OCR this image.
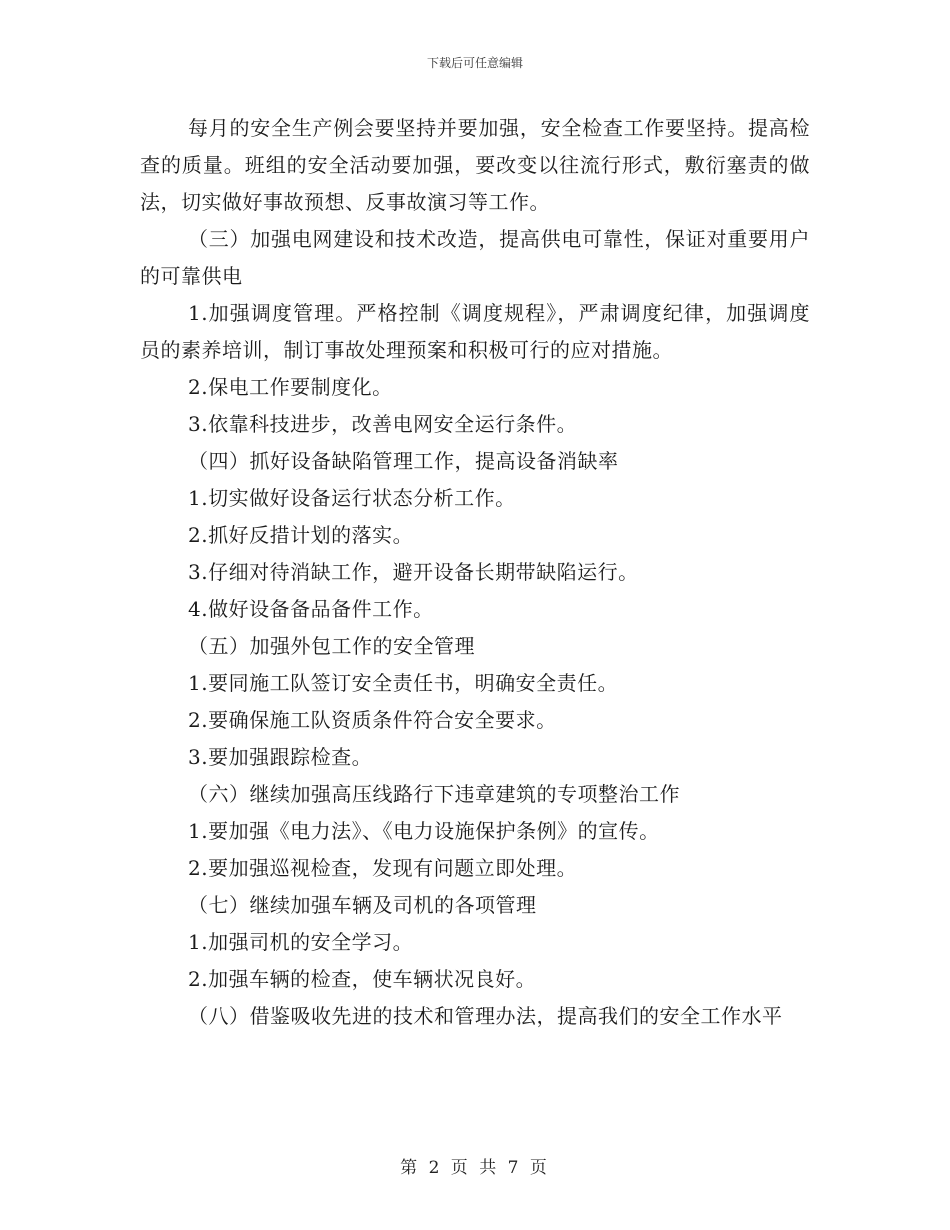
下载后可任意编辑

每月的安全生产例会要坚持并要加强，安全检查工作要坚持。提高检查的质量。班组的安全活动要加强，要改变以往流行形式，敷衍塞责的做法，切实做好事故预想、反事故演习等工作。

（三）加强电网建设和技术改造，提高供电可靠性，保证对重要用户的可靠供电

1.加强调度管理。严格控制《调度规程》，严肃调度纪律，加强调度员的素养培训，制订事故处理预案和积极可行的应对措施。

2.保电工作要制度化。

3.依靠科技进步，改善电网安全运行条件。

（四）抓好设备缺陷管理工作，提高设备消缺率

1.切实做好设备运行状态分析工作。

2.抓好反措计划的落实。

3.仔细对待消缺工作，避开设备长期带缺陷运行。

4.做好设备备品备件工作。

（五）加强外包工作的安全管理

1.要同施工队签订安全责任书，明确安全责任。

2.要确保施工队资质条件符合安全要求。

3.要加强跟踪检查。

（六）继续加强高压线路行下违章建筑的专项整治工作

1.要加强《电力法》、《电力设施保护条例》的宣传。

2.要加强巡视检查，发现有问题立即处理。

（七）继续加强车辆及司机的各项管理

1.加强司机的安全学习。

2.加强车辆的检查，使车辆状况良好。

（八）借鉴吸收先进的技术和管理办法，提高我们的安全工作水平

第 2 页 共 7 页
